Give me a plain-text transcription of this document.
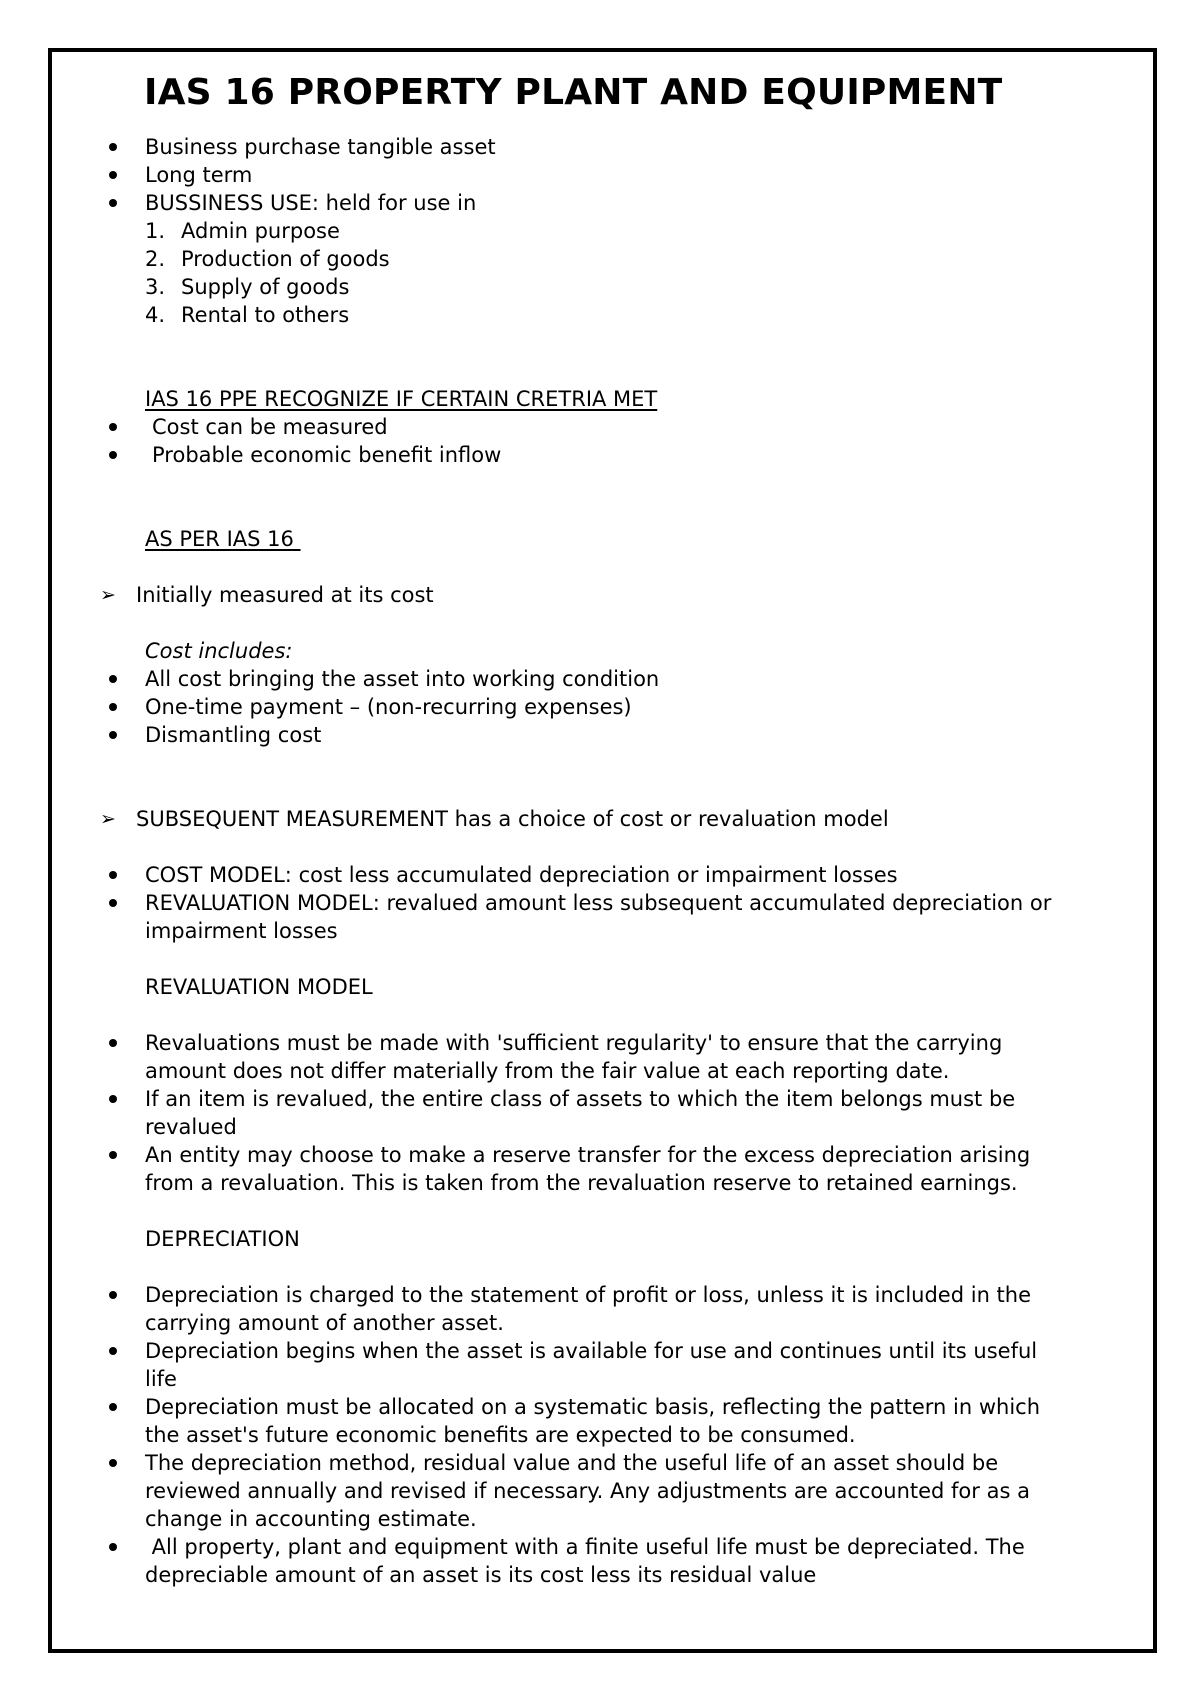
IAS 16 PROPERTY PLANT AND EQUIPMENT
Business purchase tangible asset
Long term
BUSSINESS USE: held for use in
1. Admin purpose
2. Production of goods
3. Supply of goods
4. Rental to others
IAS 16 PPE RECOGNIZE IF CERTAIN CRETRIA MET
Cost can be measured
Probable economic benefit inflow
AS PER IAS 16
➢ Initially measured at its cost
Cost includes:
All cost bringing the asset into working condition
One-time payment – (non-recurring expenses)
Dismantling cost
➢ SUBSEQUENT MEASUREMENT has a choice of cost or revaluation model
COST MODEL: cost less accumulated depreciation or impairment losses
REVALUATION MODEL: revalued amount less subsequent accumulated depreciation or
impairment losses
REVALUATION MODEL
Revaluations must be made with 'sufficient regularity' to ensure that the carrying
amount does not differ materially from the fair value at each reporting date.
If an item is revalued, the entire class of assets to which the item belongs must be
revalued
An entity may choose to make a reserve transfer for the excess depreciation arising
from a revaluation. This is taken from the revaluation reserve to retained earnings.
DEPRECIATION
Depreciation is charged to the statement of profit or loss, unless it is included in the
carrying amount of another asset.
Depreciation begins when the asset is available for use and continues until its useful
life
Depreciation must be allocated on a systematic basis, reflecting the pattern in which
the asset's future economic benefits are expected to be consumed.
The depreciation method, residual value and the useful life of an asset should be
reviewed annually and revised if necessary. Any adjustments are accounted for as a
change in accounting estimate.
All property, plant and equipment with a finite useful life must be depreciated. The
depreciable amount of an asset is its cost less its residual value
